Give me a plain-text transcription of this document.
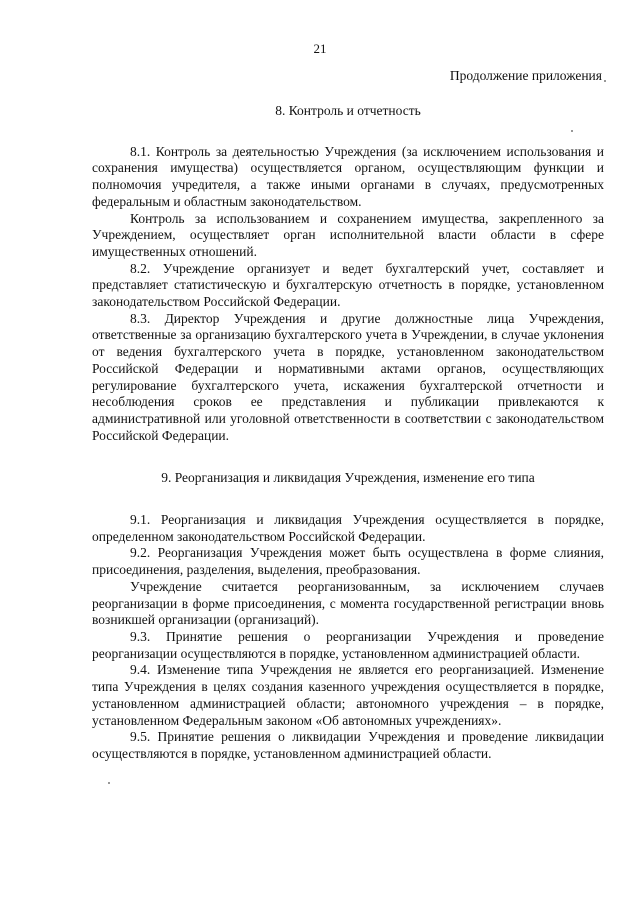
21
Продолжение приложения
8. Контроль и отчетность

8.1. Контроль за деятельностью Учреждения (за исключением использования и сохранения имущества) осуществляется органом, осуществляющим функции и полномочия учредителя, а также иными органами в случаях, предусмотренных федеральным и областным законодательством.

Контроль за использованием и сохранением имущества, закрепленного за Учреждением, осуществляет орган исполнительной власти области в сфере имущественных отношений.

8.2. Учреждение организует и ведет бухгалтерский учет, составляет и представляет статистическую и бухгалтерскую отчетность в порядке, установленном законодательством Российской Федерации.

8.3. Директор Учреждения и другие должностные лица Учреждения, ответственные за организацию бухгалтерского учета в Учреждении, в случае уклонения от ведения бухгалтерского учета в порядке, установленном законодательством Российской Федерации и нормативными актами органов, осуществляющих регулирование бухгалтерского учета, искажения бухгалтерской отчетности и несоблюдения сроков ее представления и публикации привлекаются к административной или уголовной ответственности в соответствии с законодательством Российской Федерации.

9. Реорганизация и ликвидация Учреждения, изменение его типа

9.1. Реорганизация и ликвидация Учреждения осуществляется в порядке, определенном законодательством Российской Федерации.

9.2. Реорганизация Учреждения может быть осуществлена в форме слияния, присоединения, разделения, выделения, преобразования.

Учреждение считается реорганизованным, за исключением случаев реорганизации в форме присоединения, с момента государственной регистрации вновь возникшей организации (организаций).

9.3. Принятие решения о реорганизации Учреждения и проведение реорганизации осуществляются в порядке, установленном администрацией области.

9.4. Изменение типа Учреждения не является его реорганизацией. Изменение типа Учреждения в целях создания казенного учреждения осуществляется в порядке, установленном администрацией области; автономного учреждения – в порядке, установленном Федеральным законом «Об автономных учреждениях».

9.5. Принятие решения о ликвидации Учреждения и проведение ликвидации осуществляются в порядке, установленном администрацией области.
